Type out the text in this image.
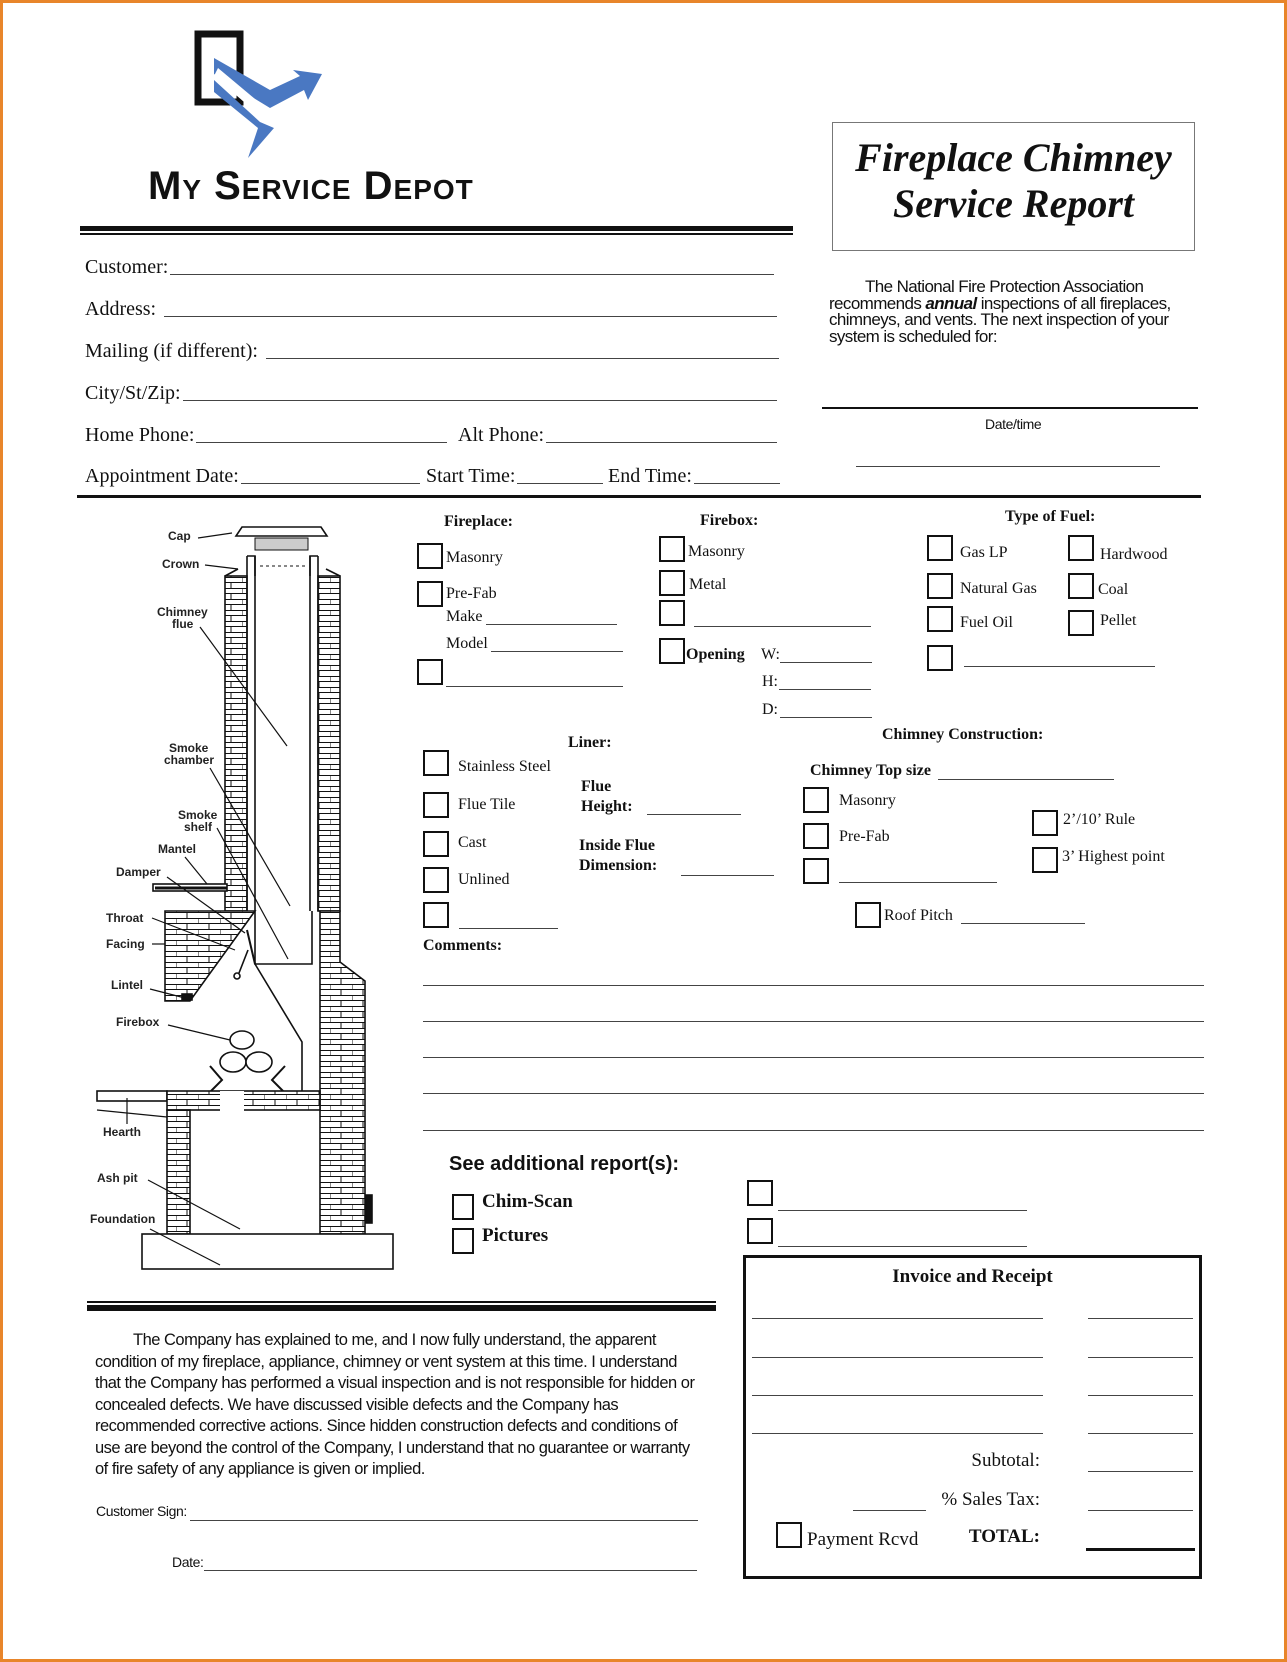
My Service Depot
Fireplace Chimney
Service Report
Customer:
Address:
Mailing (if different):
City/St/Zip:
Home Phone:	Alt Phone:
Appointment Date:	Start Time:	End Time:

The National Fire Protection Association recommends annual inspections of all fireplaces, chimneys, and vents. The next inspection of your system is scheduled for:

Date/time
Cap
Crown
Chimney
flue
Smoke
chamber
Smoke
shelf
Mantel
Damper
Throat
Facing
Lintel
Firebox
Hearth
Ash pit
Foundation
Fireplace:
Masonry
Pre-Fab
Make
Model
Firebox:
Masonry
Metal
Opening W:
H:
D:
Type of Fuel:
Gas LP	Hardwood
Natural Gas	Coal
Fuel Oil	Pellet
Liner:
Stainless Steel
Flue Tile
Cast
Unlined
Flue
Height:
Inside Flue
Dimension:
Chimney Construction:
Chimney Top size
Masonry
Pre-Fab
2’/10’ Rule
3’ Highest point
Roof Pitch
Comments:
See additional report(s):
Chim-Scan
Pictures
The Company has explained to me, and I now fully understand, the apparent condition of my fireplace, appliance, chimney or vent system at this time. I understand that the Company has performed a visual inspection and is not responsible for hidden or concealed defects. We have discussed visible defects and the Company has recommended corrective actions. Since hidden construction defects and conditions of use are beyond the control of the Company, I understand that no guarantee or warranty of fire safety of any appliance is given or implied.
Customer Sign:
Date:
Invoice and Receipt
Subtotal:
% Sales Tax:
Payment Rcvd	TOTAL:
